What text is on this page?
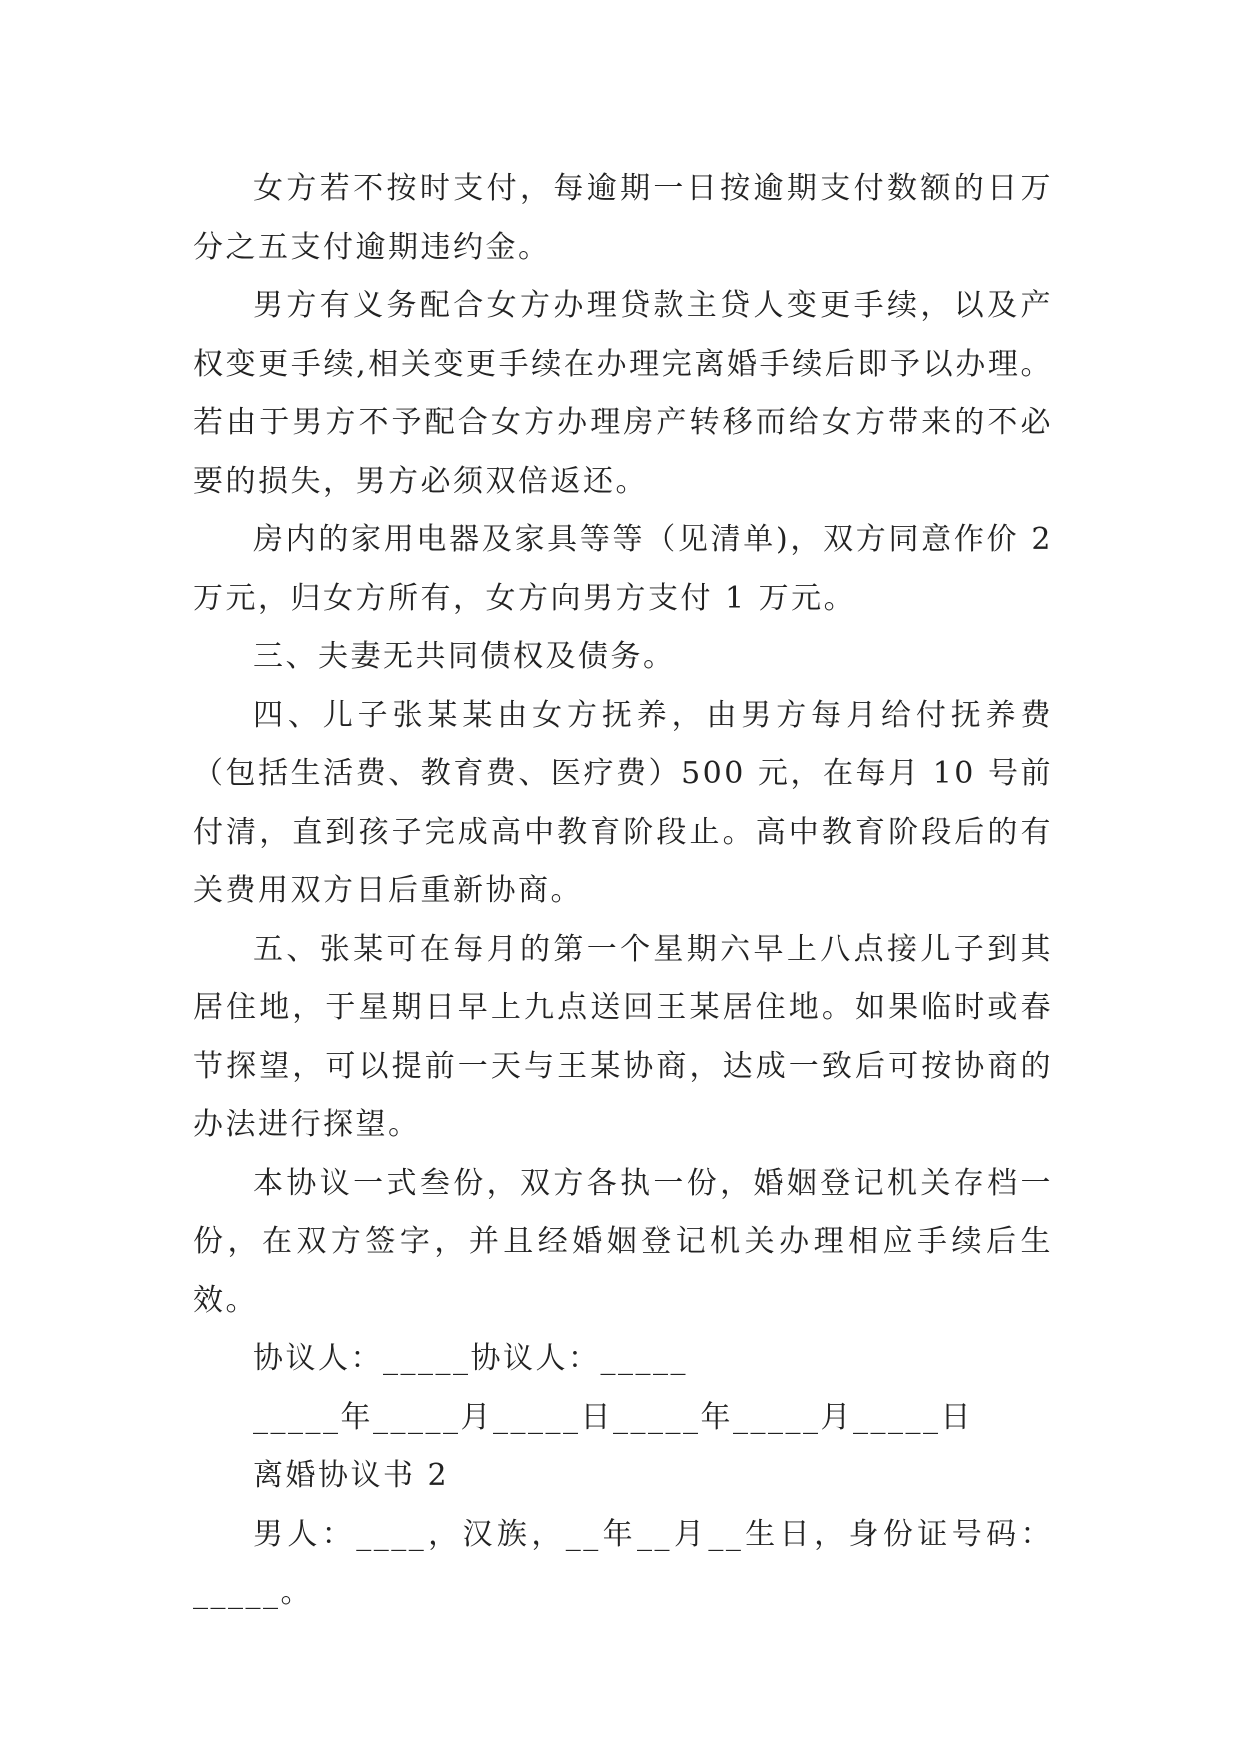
女方若不按时支付，每逾期一日按逾期支付数额的日万分之五支付逾期违约金。

男方有义务配合女方办理贷款主贷人变更手续，以及产权变更手续,相关变更手续在办理完离婚手续后即予以办理。若由于男方不予配合女方办理房产转移而给女方带来的不必要的损失，男方必须双倍返还。

房内的家用电器及家具等等（见清单)，双方同意作价 2 万元，归女方所有，女方向男方支付 1 万元。

三、夫妻无共同债权及债务。

四、儿子张某某由女方抚养，由男方每月给付抚养费（包括生活费、教育费、医疗费）500 元，在每月 10 号前付清，直到孩子完成高中教育阶段止。高中教育阶段后的有关费用双方日后重新协商。

五、张某可在每月的第一个星期六早上八点接儿子到其居住地，于星期日早上九点送回王某居住地。如果临时或春节探望，可以提前一天与王某协商，达成一致后可按协商的办法进行探望。

本协议一式叁份，双方各执一份，婚姻登记机关存档一份，在双方签字，并且经婚姻登记机关办理相应手续后生效。

协议人：_____协议人：_____

_____年_____月_____日_____年_____月_____日

离婚协议书 2

男人：____，汉族，__年__月__生日，身份证号码：_____。
